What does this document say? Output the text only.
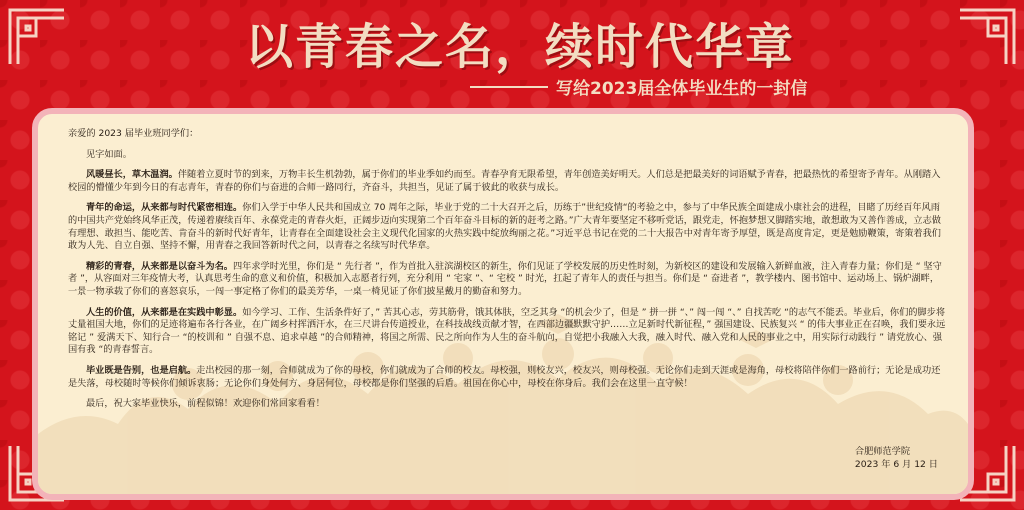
以青春之名，续时代华章
写给2023届全体毕业生的一封信

亲爱的 2023 届毕业班同学们：

见字如面。

风暖昼长，草木温润。伴随着立夏时节的到来，万物丰长生机勃勃，属于你们的毕业季如约而至。青春孕育无限希望，青年创造美好明天。人们总是把最美好的词语赋予青春，把最热忱的希望寄予青年。从刚踏入校园的懵懂少年到今日的有志青年，青春的你们与奋进的合师一路同行，齐奋斗，共担当，见证了属于彼此的收获与成长。

青年的命运，从来都与时代紧密相连。你们入学于中华人民共和国成立 70 周年之际，毕业于党的二十大召开之后，历练于”世纪疫情“的考验之中，参与了中华民族全面建成小康社会的进程，目睹了历经百年风雨的中国共产党始终风华正茂，传递着赓续百年、永葆党走的青春火炬，正阔步迈向实现第二个百年奋斗目标的新的赶考之路。”广大青年要坚定不移听党话，跟党走，怀抱梦想又脚踏实地，敢想敢为又善作善成，立志做有理想、敢担当、能吃苦、肯奋斗的新时代好青年，让青春在全面建设社会主义现代化国家的火热实践中绽放绚丽之花。”习近平总书记在党的二十大报告中对青年寄予厚望，既是高度肯定，更是勉励鞭策，寄策着我们敢为人先、自立自强、坚持不懈，用青春之我回答新时代之问，以青春之名续写时代华章。

精彩的青春，从来都是以奋斗为名。四年求学时光里，你们是 “ 先行者 ”，作为首批入驻滨湖校区的新生，你们见证了学校发展的历史性时刻，为新校区的建设和发展输入新鲜血液，注入青春力量；你们是 “ 坚守者 ”，从容面对三年疫情大考，认真思考生命的意义和价值，积极加入志愿者行列，充分利用 “ 宅家 ”、“ 宅校 ” 时光，扛起了青年人的责任与担当。你们是 “ 奋进者 ”，教学楼内、图书馆中、运动场上、锅炉湖畔，一景一物承载了你们的喜怒哀乐，一闯一事定格了你们的最美芳华，一桌一椅见证了你们披星戴月的勤奋和努力。

人生的价值，从来都是在实践中彰显。如今学习、工作、生活条件好了，” 苦其心志，劳其筋骨，饿其体肤，空乏其身 “的机会少了，但是 ” 拼一拼 “、” 闯一闯 “、” 自找苦吃 “的志气不能丢。毕业后，你们的脚步将丈量祖国大地，你们的足迹将遍布各行各业，在广阔乡村挥洒汗水，在三尺讲台传道授业，在科技战线贡献才智，在西部边疆默默守护……立足新时代新征程，” 强国建设、民族复兴 “ 的伟大事业正在召唤，我们要永远铭记 ” 爱满天下、知行合一 “的校训和 ” 自强不息、追求卓越 ”的合师精神，将国之所需、民之所向作为人生的奋斗航向，自觉把小我融入大我，融入时代、融入党和人民的事业之中，用实际行动践行 ” 请党放心、强国有我 “的青春誓言。

毕业既是告别，也是启航。走出校园的那一刻，合师就成为了你的母校，你们就成为了合师的校友。母校强，则校友兴，校友兴，则母校强。无论你们走到天涯或是海角，母校将陪伴你们一路前行；无论是成功还是失落，母校随时等候你们倾诉衷肠；无论你们身处何方、身居何位，母校都是你们坚强的后盾。祖国在你心中，母校在你身后。我们会在这里一直守候！

最后，祝大家毕业快乐，前程似锦！欢迎你们常回家看看！

合肥师范学院
2023 年 6 月 12 日
